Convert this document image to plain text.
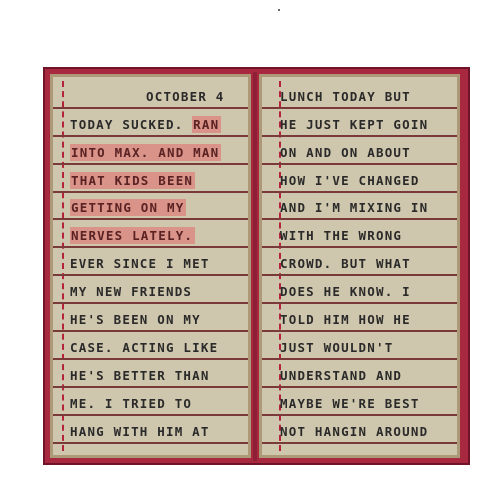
OCTOBER 4
TODAY SUCKED. RAN
INTO MAX. AND MAN
THAT KIDS BEEN
GETTING ON MY
NERVES LATELY.
EVER SINCE I MET
MY NEW FRIENDS
HE'S BEEN ON MY
CASE. ACTING LIKE
HE'S BETTER THAN
ME. I TRIED TO
HANG WITH HIM AT
LUNCH TODAY BUT
HE JUST KEPT GOIN
ON AND ON ABOUT
HOW I'VE CHANGED
AND I'M MIXING IN
WITH THE WRONG
CROWD. BUT WHAT
DOES HE KNOW. I
TOLD HIM HOW HE
JUST WOULDN'T
UNDERSTAND AND
MAYBE WE'RE BEST
NOT HANGIN AROUND
